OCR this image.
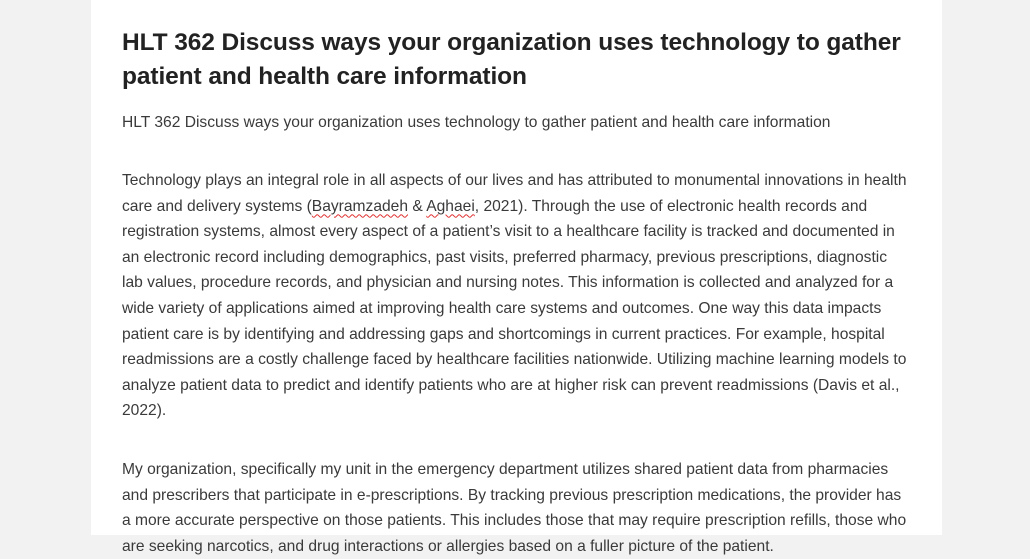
HLT 362 Discuss ways your organization uses technology to gather patient and health care information

HLT 362 Discuss ways your organization uses technology to gather patient and health care information

Technology plays an integral role in all aspects of our lives and has attributed to monumental innovations in health care and delivery systems (Bayramzadeh & Aghaei, 2021). Through the use of electronic health records and registration systems, almost every aspect of a patient’s visit to a healthcare facility is tracked and documented in an electronic record including demographics, past visits, preferred pharmacy, previous prescriptions, diagnostic lab values, procedure records, and physician and nursing notes. This information is collected and analyzed for a wide variety of applications aimed at improving health care systems and outcomes. One way this data impacts patient care is by identifying and addressing gaps and shortcomings in current practices. For example, hospital readmissions are a costly challenge faced by healthcare facilities nationwide. Utilizing machine learning models to analyze patient data to predict and identify patients who are at higher risk can prevent readmissions (Davis et al., 2022).

My organization, specifically my unit in the emergency department utilizes shared patient data from pharmacies and prescribers that participate in e-prescriptions. By tracking previous prescription medications, the provider has a more accurate perspective on those patients. This includes those that may require prescription refills, those who are seeking narcotics, and drug interactions or allergies based on a fuller picture of the patient.
